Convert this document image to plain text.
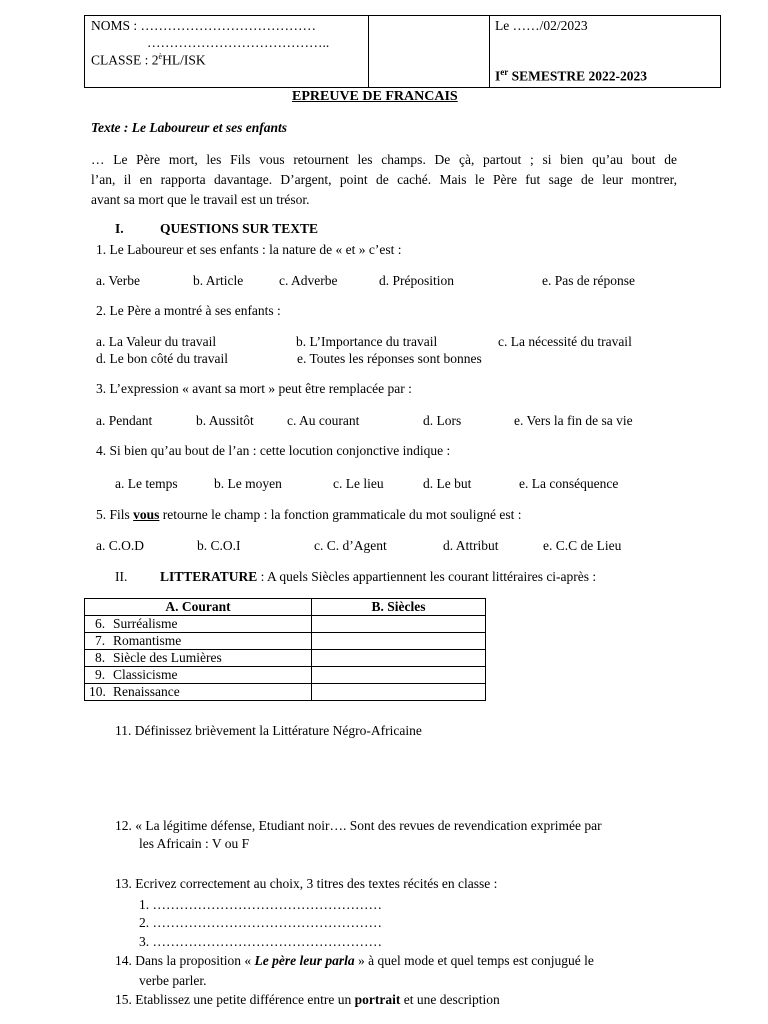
NOMS : …………………………………
…………………………………..
CLASSE : $2^èHL$/ISK
Le ……/02/2023
Ier SEMESTRE 2022-2023
EPREUVE DE FRANCAIS
Texte : Le Laboureur et ses enfants
… Le Père mort, les Fils vous retournent les champs. De çà, partout ; si bien qu’au bout de
l’an, il en rapporta davantage. D’argent, point de caché. Mais le Père fut sage de leur montrer,
avant sa mort que le travail est un trésor.
I.	QUESTIONS SUR TEXTE
1. Le Laboureur et ses enfants : la nature de « et » c’est :
a. Verbe	b. Article	c. Adverbe	d. Préposition	e. Pas de réponse
2. Le Père a montré à ses enfants :
a. La Valeur du travail	b. L’Importance du travail	c. La nécessité du travail
d. Le bon côté du travail	e. Toutes les réponses sont bonnes
3. L’expression « avant sa mort » peut être remplacée par :
a. Pendant	b. Aussitôt c. Au courant	d. Lors	e. Vers la fin de sa vie
4. Si bien qu’au bout de l’an : cette locution conjonctive indique :
a. Le temps	b. Le moyen	c. Le lieu	d. Le but	e. La conséquence
5. Fils vous retourne le champ : la fonction grammaticale du mot souligné est :
a. C.O.D	b. C.O.I	c. C. d’Agent	d. Attribut	e. C.C de Lieu
II. LITTERATURE : A quels Siècles appartiennent les courant littéraires ci-après :
A. Courant	B. Siècles
6. Surréalisme	
7. Romantisme	
8. Siècle des Lumières	
9. Classicisme	
10. Renaissance	
11. Définissez brièvement la Littérature Négro-Africaine
12. « La légitime défense, Etudiant noir…. Sont des revues de revendication exprimée par
les Africain : V ou F
13. Ecrivez correctement au choix, 3 titres des textes récités en classe :
1. ……………………………………………
2. ……………………………………………
3. ……………………………………………
14. Dans la proposition « Le père leur parla » à quel mode et quel temps est conjugué le
verbe parler.
15. Etablissez une petite différence entre un portrait et une description
